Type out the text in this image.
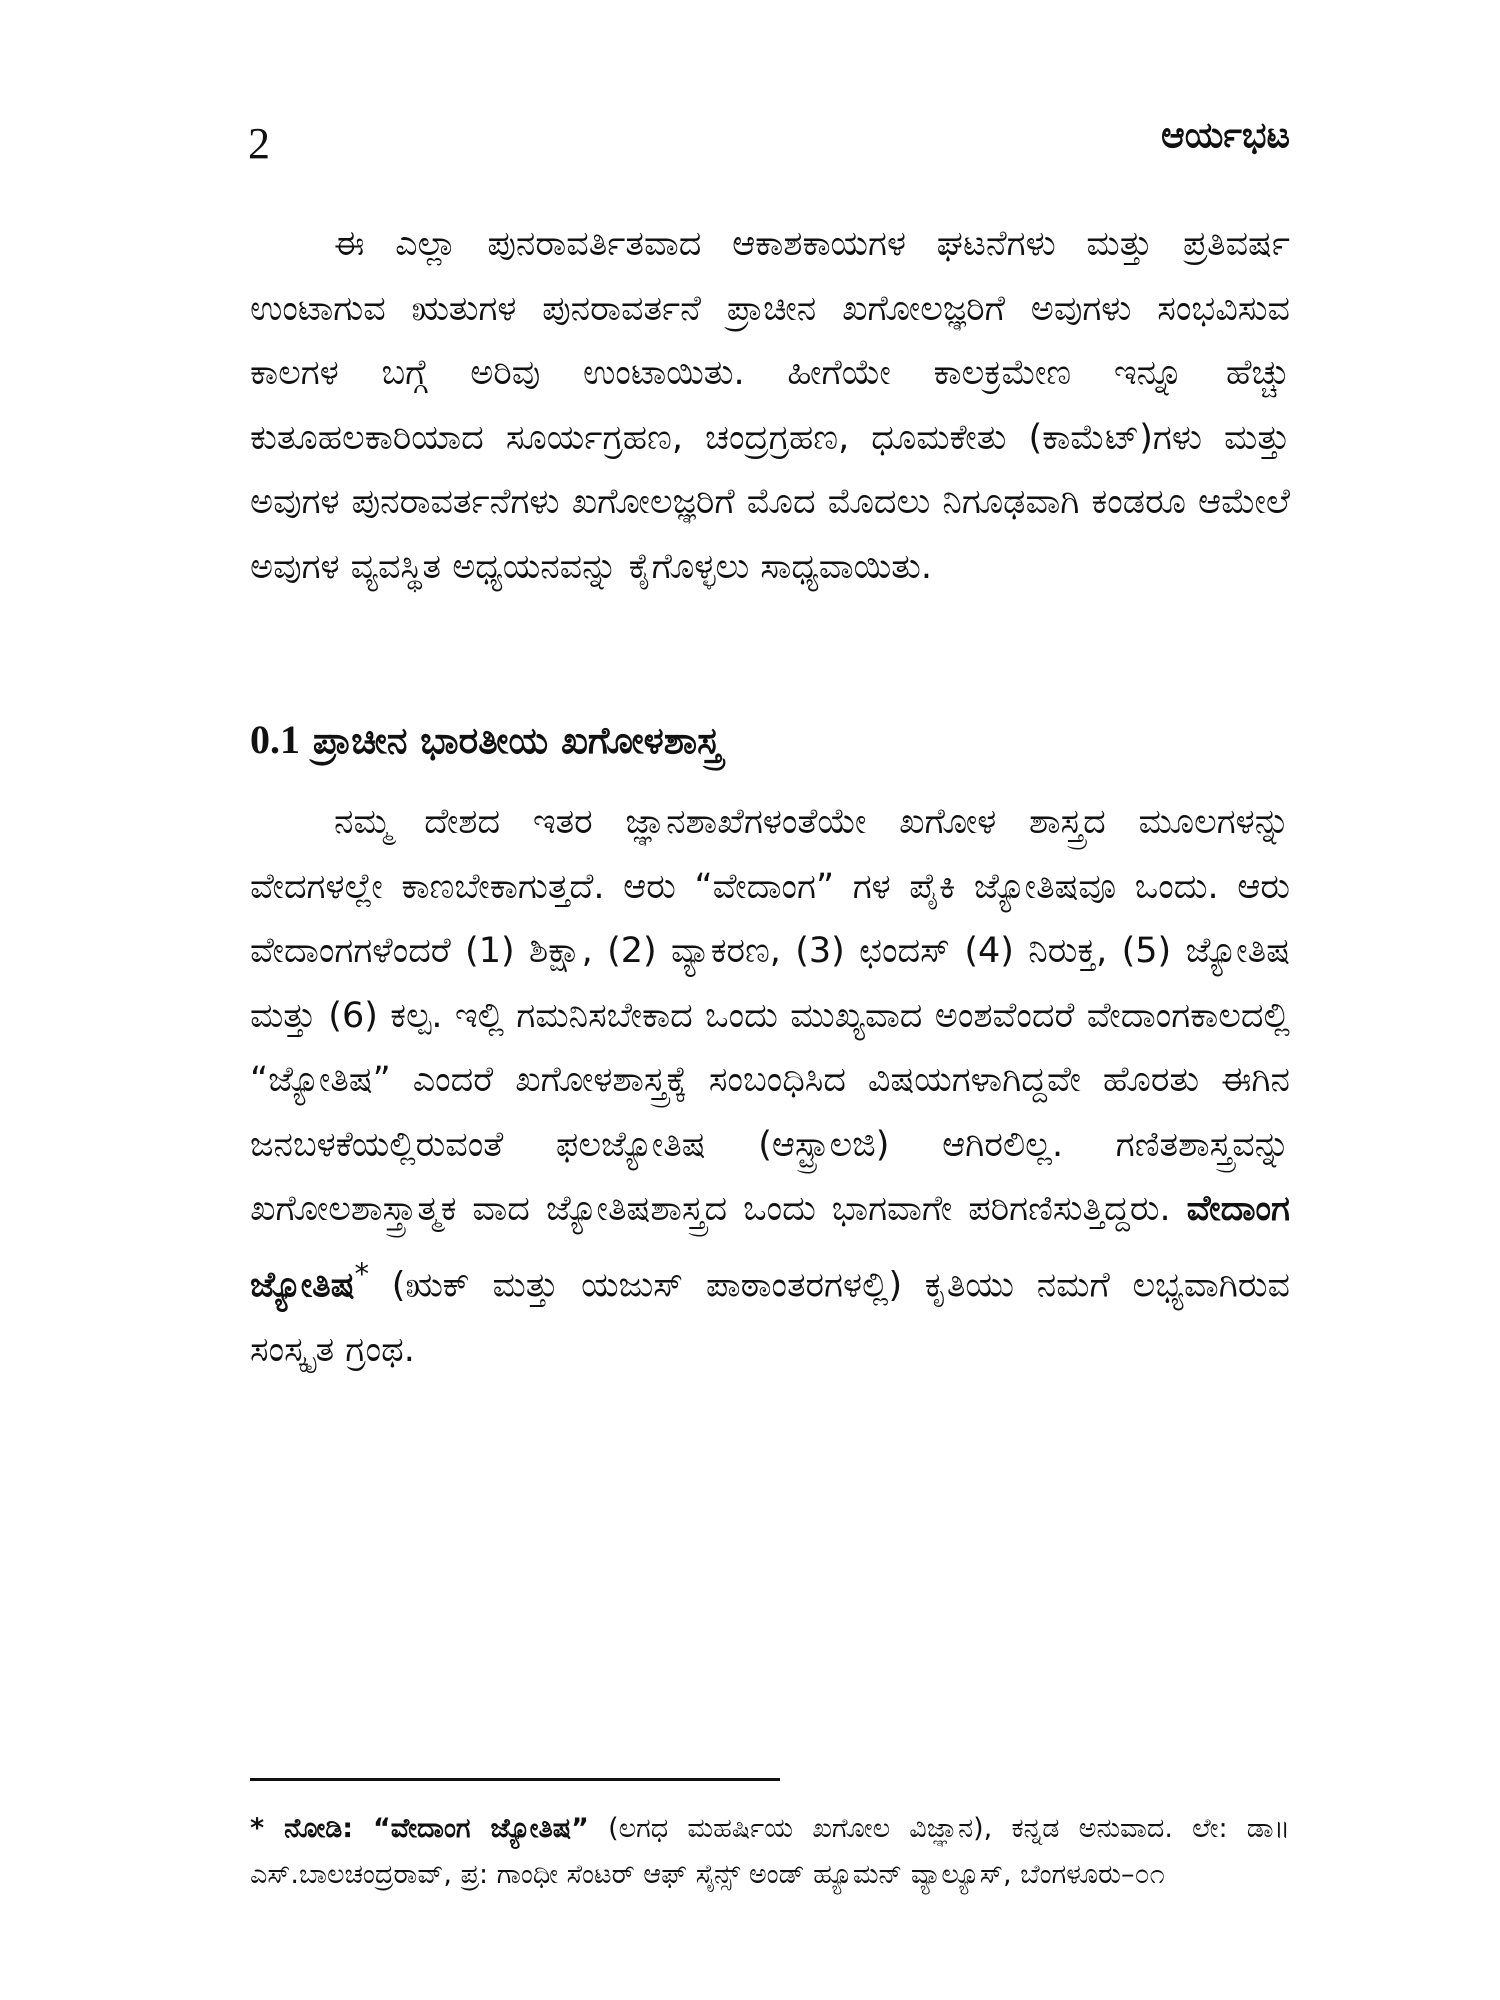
2	ಆರ್ಯಭಟ

ಈ ಎಲ್ಲಾ ಪುನರಾವರ್ತಿತವಾದ ಆಕಾಶಕಾಯಗಳ ಘಟನೆಗಳು ಮತ್ತು ಪ್ರತಿವರ್ಷ ಉಂಟಾಗುವ ಋತುಗಳ ಪುನರಾವರ್ತನೆ ಪ್ರಾಚೀನ ಖಗೋಲಜ್ಞರಿಗೆ ಅವುಗಳು ಸಂಭವಿಸುವ ಕಾಲಗಳ ಬಗ್ಗೆ ಅರಿವು ಉಂಟಾಯಿತು. ಹೀಗೆಯೇ ಕಾಲಕ್ರಮೇಣ ಇನ್ನೂ ಹೆಚ್ಚು ಕುತೂಹಲಕಾರಿಯಾದ ಸೂರ್ಯಗ್ರಹಣ, ಚಂದ್ರಗ್ರಹಣ, ಧೂಮಕೇತು (ಕಾಮೆಟ್)ಗಳು ಮತ್ತು ಅವುಗಳ ಪುನರಾವರ್ತನೆಗಳು ಖಗೋಲಜ್ಞರಿಗೆ ಮೊದ ಮೊದಲು ನಿಗೂಢವಾಗಿ ಕಂಡರೂ ಆಮೇಲೆ ಅವುಗಳ ವ್ಯವಸ್ಥಿತ ಅಧ್ಯಯನವನ್ನು ಕೈಗೊಳ್ಳಲು ಸಾಧ್ಯವಾಯಿತು.

0.1 ಪ್ರಾಚೀನ ಭಾರತೀಯ ಖಗೋಳಶಾಸ್ತ್ರ

ನಮ್ಮ ದೇಶದ ಇತರ ಜ್ಞಾನಶಾಖೆಗಳಂತೆಯೇ ಖಗೋಳ ಶಾಸ್ತ್ರದ ಮೂಲಗಳನ್ನು ವೇದಗಳಲ್ಲೇ ಕಾಣಬೇಕಾಗುತ್ತದೆ. ಆರು “ವೇದಾಂಗ” ಗಳ ಪೈಕಿ ಜ್ಯೋತಿಷವೂ ಒಂದು. ಆರು ವೇದಾಂಗಗಳೆಂದರೆ (1) ಶಿಕ್ಷಾ, (2) ವ್ಯಾಕರಣ, (3) ಛಂದಸ್ (4) ನಿರುಕ್ತ, (5) ಜ್ಯೋತಿಷ ಮತ್ತು (6) ಕಲ್ಪ. ಇಲ್ಲಿ ಗಮನಿಸಬೇಕಾದ ಒಂದು ಮುಖ್ಯವಾದ ಅಂಶವೆಂದರೆ ವೇದಾಂಗಕಾಲದಲ್ಲಿ “ಜ್ಯೋತಿಷ” ಎಂದರೆ ಖಗೋಳಶಾಸ್ತ್ರಕ್ಕೆ ಸಂಬಂಧಿಸಿದ ವಿಷಯಗಳಾಗಿದ್ದವೇ ಹೊರತು ಈಗಿನ ಜನಬಳಕೆಯಲ್ಲಿರುವಂತೆ ಫಲಜ್ಯೋತಿಷ (ಆಸ್ಟ್ರಾಲಜಿ) ಆಗಿರಲಿಲ್ಲ. ಗಣಿತಶಾಸ್ತ್ರವನ್ನು ಖಗೋಲಶಾಸ್ತ್ರಾತ್ಮಕ ವಾದ ಜ್ಯೋತಿಷಶಾಸ್ತ್ರದ ಒಂದು ಭಾಗವಾಗೇ ಪರಿಗಣಿಸುತ್ತಿದ್ದರು. ವೇದಾಂಗ ಜ್ಯೋತಿಷ* (ಋಕ್ ಮತ್ತು ಯಜುಸ್ ಪಾಠಾಂತರಗಳಲ್ಲಿ) ಕೃತಿಯು ನಮಗೆ ಲಭ್ಯವಾಗಿರುವ ಸಂಸ್ಕೃತ ಗ್ರಂಥ.

* ನೋಡಿ: “ವೇದಾಂಗ ಜ್ಯೋತಿಷ” (ಲಗಧ ಮಹರ್ಷಿಯ ಖಗೋಲ ವಿಜ್ಞಾನ), ಕನ್ನಡ ಅನುವಾದ. ಲೇ: ಡಾ॥ ಎಸ್.ಬಾಲಚಂದ್ರರಾವ್, ಪ್ರ: ಗಾಂಧೀ ಸೆಂಟರ್ ಆಫ್ ಸೈನ್ಸ್ ಅಂಡ್ ಹ್ಯೂಮನ್ ವ್ಯಾಲ್ಯೂಸ್, ಬೆಂಗಳೂರು–೦೧
